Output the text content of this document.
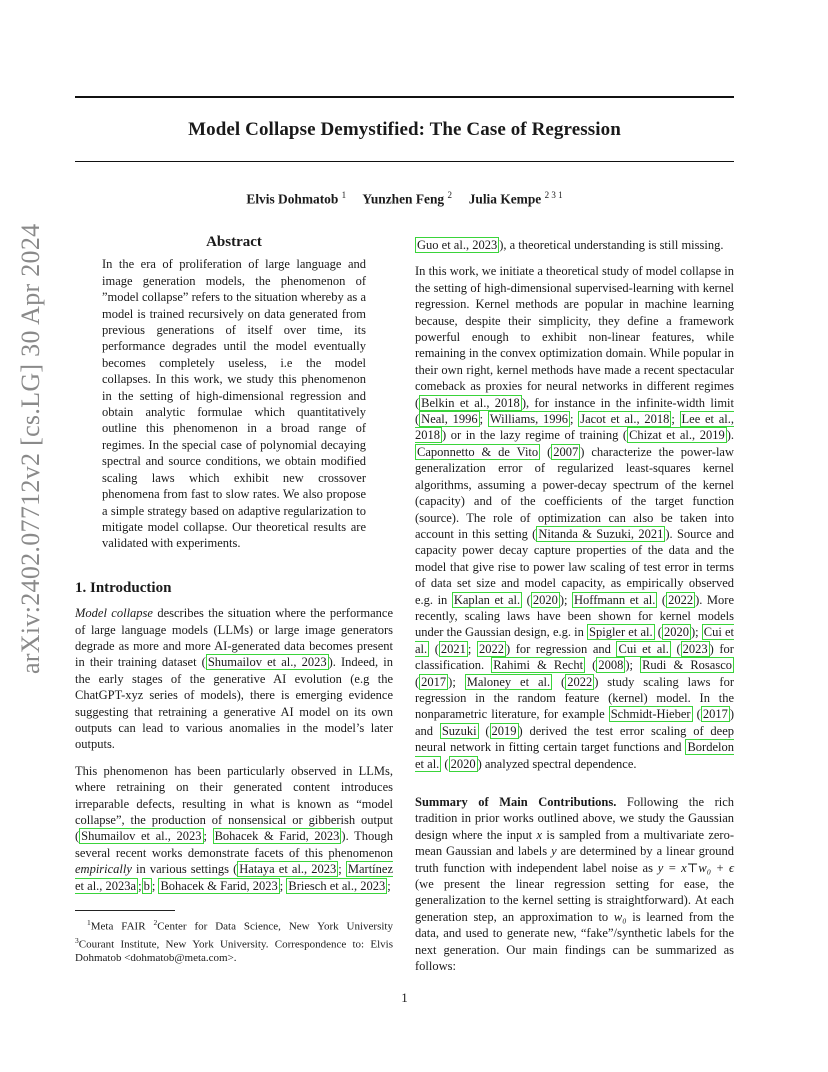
arXiv:2402.07712v2 [cs.LG] 30 Apr 2024
Model Collapse Demystified: The Case of Regression
Elvis Dohmatob $^1$ Yunzhen Feng $^2$ Julia Kempe $^{2 3 1}$
Abstract

In the era of proliferation of large language and image generation models, the phenomenon of ”model collapse” refers to the situation whereby as a model is trained recursively on data generated from previous generations of itself over time, its performance degrades until the model eventually becomes completely useless, i.e the model collapses. In this work, we study this phenomenon in the setting of high-dimensional regression and obtain analytic formulae which quantitatively outline this phenomenon in a broad range of regimes. In the special case of polynomial decaying spectral and source conditions, we obtain modified scaling laws which exhibit new crossover phenomena from fast to slow rates. We also propose a simple strategy based on adaptive regularization to mitigate model collapse. Our theoretical results are validated with experiments.

1. Introduction

Model collapse describes the situation where the performance of large language models (LLMs) or large image generators degrade as more and more AI-generated data becomes present in their training dataset ( Shumailov et al., 2023 ). Indeed, in the early stages of the generative AI evolution (e.g the ChatGPT-xyz series of models), there is emerging evidence suggesting that retraining a generative AI model on its own outputs can lead to various anomalies in the model’s later outputs.

This phenomenon has been particularly observed in LLMs, where retraining on their generated content introduces irreparable defects, resulting in what is known as “model collapse”, the production of nonsensical or gibberish output ( Shumailov et al., 2023 ; Bohacek & Farid, 2023 ). Though several recent works demonstrate facets of this phenomenon empirically in various settings ( Hataya et al., 2023 ; Martínez et al., 2023a ; b ; Bohacek & Farid, 2023 ; Briesch et al., 2023 ;

$^1$Meta FAIR $^2$Center for Data Science, New York University $^3$Courant Institute, New York University. Correspondence to: Elvis Dohmatob <dohmatob@meta.com>.

Guo et al., 2023 ), a theoretical understanding is still missing.

In this work, we initiate a theoretical study of model collapse in the setting of high-dimensional supervised-learning with kernel regression. Kernel methods are popular in machine learning because, despite their simplicity, they define a framework powerful enough to exhibit non-linear features, while remaining in the convex optimization domain. While popular in their own right, kernel methods have made a recent spectacular comeback as proxies for neural networks in different regimes ( Belkin et al., 2018 ), for instance in the infinite-width limit ( Neal, 1996 ; Williams, 1996 ; Jacot et al., 2018 ; Lee et al., 2018 ) or in the lazy regime of training ( Chizat et al., 2019 ). Caponnetto & de Vito ( 2007 ) characterize the power-law generalization error of regularized least-squares kernel algorithms, assuming a power-decay spectrum of the kernel (capacity) and of the coefficients of the target function (source). The role of optimization can also be taken into account in this setting ( Nitanda & Suzuki, 2021 ). Source and capacity power decay capture properties of the data and the model that give rise to power law scaling of test error in terms of data set size and model capacity, as empirically observed e.g. in Kaplan et al. ( 2020 ); Hoffmann et al. ( 2022 ). More recently, scaling laws have been shown for kernel models under the Gaussian design, e.g. in Spigler et al. ( 2020 ); Cui et al. ( 2021 ; 2022 ) for regression and Cui et al. ( 2023 ) for classification. Rahimi & Recht ( 2008 ); Rudi & Rosasco ( 2017 ); Maloney et al. ( 2022 ) study scaling laws for regression in the random feature (kernel) model. In the nonparametric literature, for example Schmidt-Hieber ( 2017 ) and Suzuki ( 2019 ) derived the test error scaling of deep neural network in fitting certain target functions and Bordelon et al. ( 2020 ) analyzed spectral dependence.

Summary of Main Contributions. Following the rich tradition in prior works outlined above, we study the Gaussian design where the input x is sampled from a multivariate zero-mean Gaussian and labels y are determined by a linear ground truth function with independent label noise as y = x⊤w₀ + ϵ (we present the linear regression setting for ease, the generalization to the kernel setting is straightforward). At each generation step, an approximation to w₀ is learned from the data, and used to generate new, “fake”/synthetic labels for the next generation. Our main findings can be summarized as follows:

1
